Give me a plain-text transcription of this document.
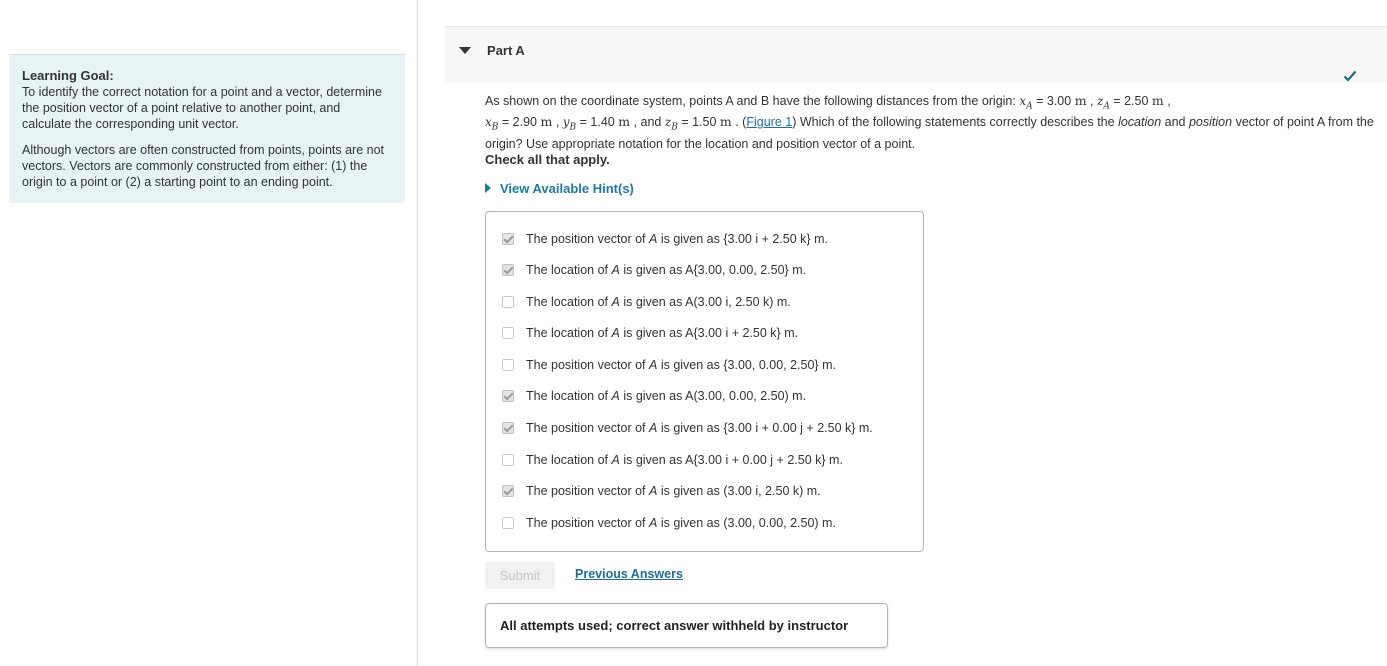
Learning Goal:
To identify the correct notation for a point and a vector, determine the position vector of a point relative to another point, and calculate the corresponding unit vector.

Although vectors are often constructed from points, points are not vectors. Vectors are commonly constructed from either: (1) the origin to a point or (2) a starting point to an ending point.

Part A
As shown on the coordinate system, points A and B have the following distances from the origin: $x_A = 3.00$ m , $z_A = 2.50$ m ,
$x_B = 2.90$ m , $y_B = 1.40$ m , and $z_B = 1.50$ m . (Figure 1) Which of the following statements correctly describes the location and position vector of point A from the origin? Use appropriate notation for the location and position vector of a point.
Check all that apply.
View Available Hint(s)
The position vector of A is given as {3.00 i + 2.50 k} m.
The location of A is given as A{3.00, 0.00, 2.50} m.
The location of A is given as A(3.00 i, 2.50 k) m.
The location of A is given as A{3.00 i + 2.50 k} m.
The position vector of A is given as {3.00, 0.00, 2.50} m.
The location of A is given as A(3.00, 0.00, 2.50) m.
The position vector of A is given as {3.00 i + 0.00 j + 2.50 k} m.
The location of A is given as A{3.00 i + 0.00 j + 2.50 k} m.
The position vector of A is given as (3.00 i, 2.50 k) m.
The position vector of A is given as (3.00, 0.00, 2.50) m.
Submit	Previous Answers
All attempts used; correct answer withheld by instructor
